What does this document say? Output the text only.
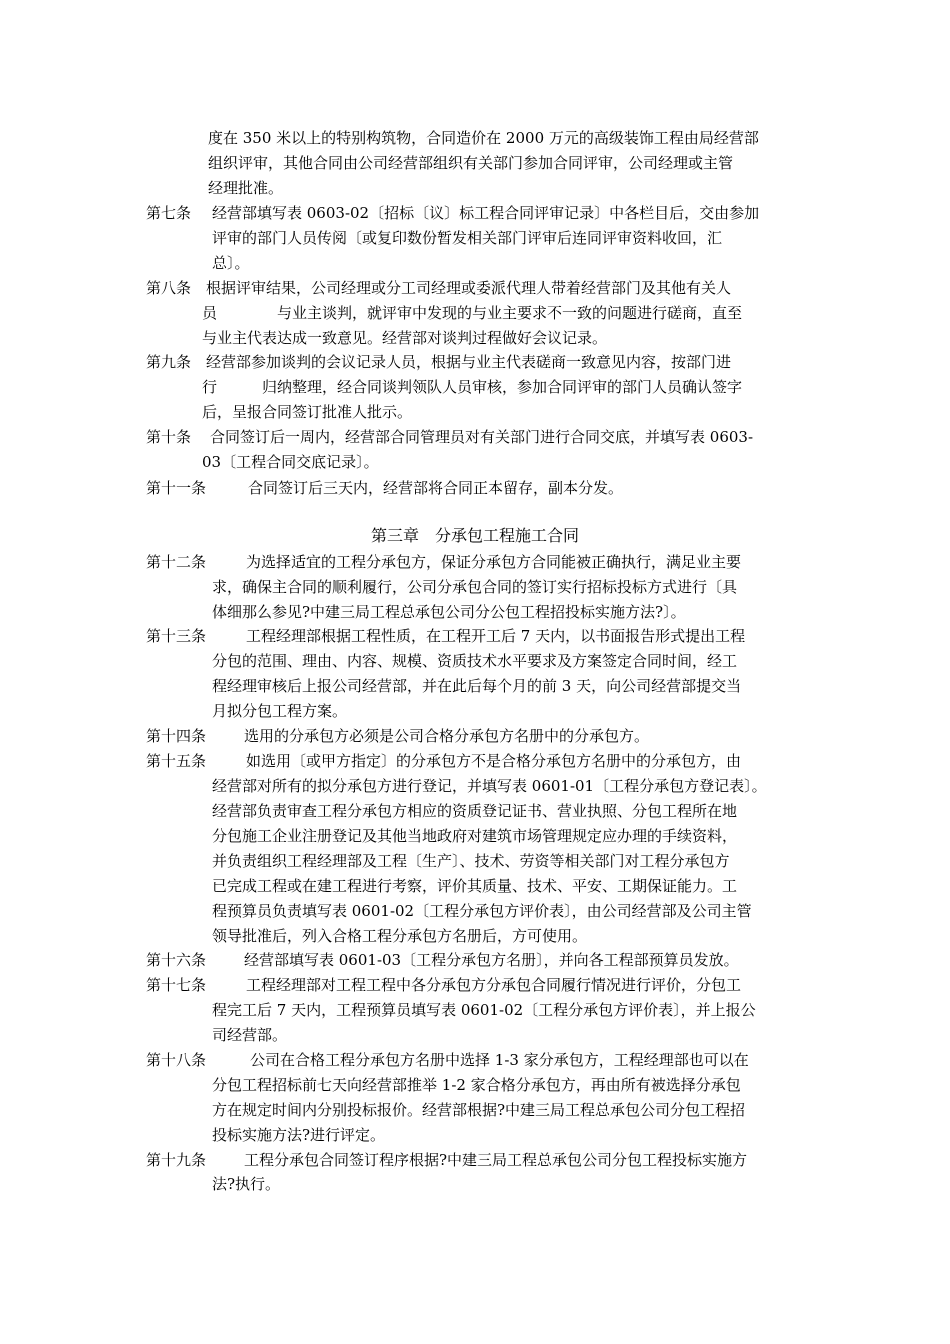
度在 350 米以上的特别构筑物，合同造价在 2000 万元的高级装饰工程由局经营部
组织评审，其他合同由公司经营部组织有关部门参加合同评审，公司经理或主管
经理批准。
第七条 经营部填写表 0603-02〔招标〔议〕标工程合同评审记录〕中各栏目后，交由参加
评审的部门人员传阅〔或复印数份暂发相关部门评审后连同评审资料收回，汇
总〕。
第八条 根据评审结果，公司经理或分工司经理或委派代理人带着经营部门及其他有关人
员　　　　与业主谈判，就评审中发现的与业主要求不一致的问题进行磋商，直至
与业主代表达成一致意见。经营部对谈判过程做好会议记录。
第九条 经营部参加谈判的会议记录人员，根据与业主代表磋商一致意见内容，按部门进
行　　　归纳整理，经合同谈判领队人员审核，参加合同评审的部门人员确认签字
后，呈报合同签订批准人批示。
第十条 合同签订后一周内，经营部合同管理员对有关部门进行合同交底，并填写表 0603-
03〔工程合同交底记录〕。
第十一条	合同签订后三天内，经营部将合同正本留存，副本分发。
第三章　分承包工程施工合同
第十二条	为选择适宜的工程分承包方，保证分承包方合同能被正确执行，满足业主要
求，确保主合同的顺利履行，公司分承包合同的签订实行招标投标方式进行〔具
体细那么参见?中建三局工程总承包公司分公包工程招投标实施方法?〕。
第十三条	工程经理部根据工程性质，在工程开工后 7 天内，以书面报告形式提出工程
分包的范围、理由、内容、规模、资质技术水平要求及方案签定合同时间，经工
程经理审核后上报公司经营部，并在此后每个月的前 3 天，向公司经营部提交当
月拟分包工程方案。
第十四条	选用的分承包方必须是公司合格分承包方名册中的分承包方。
第十五条	如选用〔或甲方指定〕的分承包方不是合格分承包方名册中的分承包方，由
经营部对所有的拟分承包方进行登记，并填写表 0601-01〔工程分承包方登记表〕。
经营部负责审查工程分承包方相应的资质登记证书、营业执照、分包工程所在地
分包施工企业注册登记及其他当地政府对建筑市场管理规定应办理的手续资料，
并负责组织工程经理部及工程〔生产〕、技术、劳资等相关部门对工程分承包方
已完成工程或在建工程进行考察，评价其质量、技术、平安、工期保证能力。工
程预算员负责填写表 0601-02〔工程分承包方评价表〕，由公司经营部及公司主管
领导批准后，列入合格工程分承包方名册后，方可使用。
第十六条	经营部填写表 0601-03〔工程分承包方名册〕，并向各工程部预算员发放。
第十七条	工程经理部对工程工程中各分承包方分承包合同履行情况进行评价，分包工
程完工后 7 天内，工程预算员填写表 0601-02〔工程分承包方评价表〕，并上报公
司经营部。
第十八条	公司在合格工程分承包方名册中选择 1-3 家分承包方，工程经理部也可以在
分包工程招标前七天向经营部推举 1-2 家合格分承包方，再由所有被选择分承包
方在规定时间内分别投标报价。经营部根据?中建三局工程总承包公司分包工程招
投标实施方法?进行评定。
第十九条	工程分承包合同签订程序根据?中建三局工程总承包公司分包工程投标实施方
法?执行。
